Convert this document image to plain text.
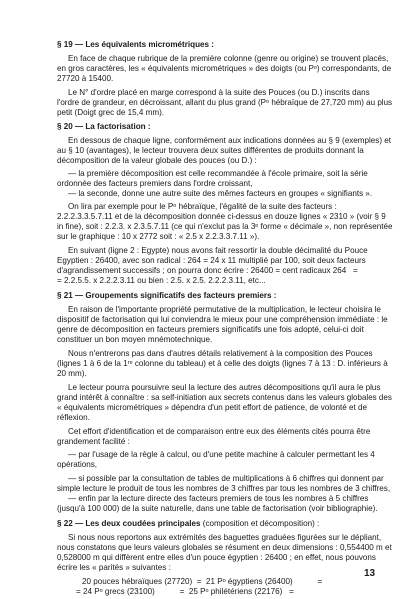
§ 19 — Les équivalents micrométriques :
En face de chaque rubrique de la première colonne (genre ou origine) se trouvent placés,
en gros caractères, les « équivalents micrométriques » des doigts (ou Pᵒ) correspondants, de
27720 à 15400.
Le N° d'ordre placé en marge correspond à la suite des Pouces (ou D.) inscrits dans
l'ordre de grandeur, en décroissant, allant du plus grand (Pᵒ hébraïque de 27,720 mm) au plus
petit (Doigt grec de 15,4 mm).
§ 20 — La factorisation :
En dessous de chaque ligne, conformément aux indications données au § 9 (exemples) et
au § 10 (avantages), le lecteur trouvera deux suites différentes de produits donnant la
décomposition de la valeur globale des pouces (ou D.) :
— la première décomposition est celle recommandée à l'école primaire, soit la série
ordonnée des facteurs premiers dans l'ordre croissant,
— la seconde, donne une autre suite des mêmes facteurs en groupes « signifiants ».
On lira par exemple pour le Pᵒ hébraïque, l'égalité de la suite des facteurs :
2.2.2.3.3.5.7.11 et de la décomposition donnée ci-dessus en douze lignes « 2310 » (voir § 9
in fine), soit : 2.2.3. x 2.3.5.7.11 (ce qui n'exclut pas la 3ᵉ forme « décimale », non représentée
sur le graphique : 10 x 2772 soit : « 2.5 x 2.2.3.3.7.11 »).
En suivant (ligne 2 : Egypte) nous avons fait ressortir la double décimalité du Pouce
Egyptien : 26400, avec son radical : 264 = 24 x 11 multiplié par 100, soit deux facteurs
d'agrandissement successifs ; on pourra donc écrire : 26400 = cent radicaux 264   =
= 2.2.5.5. x 2.2.2.3.11 ou bien : 2.5. x 2.5. 2.2.2.3.11, etc...
§ 21 — Groupements significatifs des facteurs premiers :
En raison de l'importante propriété permutative de la multiplication, le lecteur choisira le
dispositif de factorisation qui lui conviendra le mieux pour une compréhension immédiate : le
genre de décomposition en facteurs premiers significatifs une fois adopté, celui-ci doit
constituer un bon moyen mnémotechnique.
Nous n'entrerons pas dans d'autres détails relativement à la composition des Pouces
(lignes 1 à 6 de la 1ʳᵉ colonne du tableau) et à celle des doigts (lignes 7 à 13 : D. inférieurs à
20 mm).
Le lecteur pourra poursuivre seul la lecture des autres décompositions qu'il aura le plus
grand intérêt à connaître : sa self-initiation aux secrets contenus dans les valeurs globales des
« équivalents micrométriques » dépendra d'un petit effort de patience, de volonté et de
réflexion.
Cet effort d'identification et de comparaison entre eux des éléments cités pourra être
grandement facilité :
— par l'usage de la règle à calcul, ou d'une petite machine à calculer permettant les 4
opérations,
— si possible par la consultation de tables de multiplications à 6 chiffres qui donnent par
simple lecture le produit de tous les nombres de 3 chiffres par tous les nombres de 3 chiffres,
— enfin par la lecture directe des facteurs premiers de tous les nombres à 5 chiffres
(jusqu'à 100 000) de la suite naturelle, dans une table de factorisation (voir bibliographie).
§ 22 — Les deux coudées principales (composition et décomposition) :
Si nous nous reportons aux extrémités des baguettes graduées figurées sur le dépliant,
nous constatons que leurs valeurs globales se résument en deux dimensions : 0,554400 m et
0,528000 m qui diffèrent entre elles d'un pouce égyptien : 26400 ; en effet, nous pouvons
écrire les « parités » suivantes :
20 pouces hébraïques (27720)  =  21 Pᵒ égyptiens (26400)           =
= 24 Pᵒ grecs (23100)           =  25 Pᵒ philétériens (22176)   =
13
